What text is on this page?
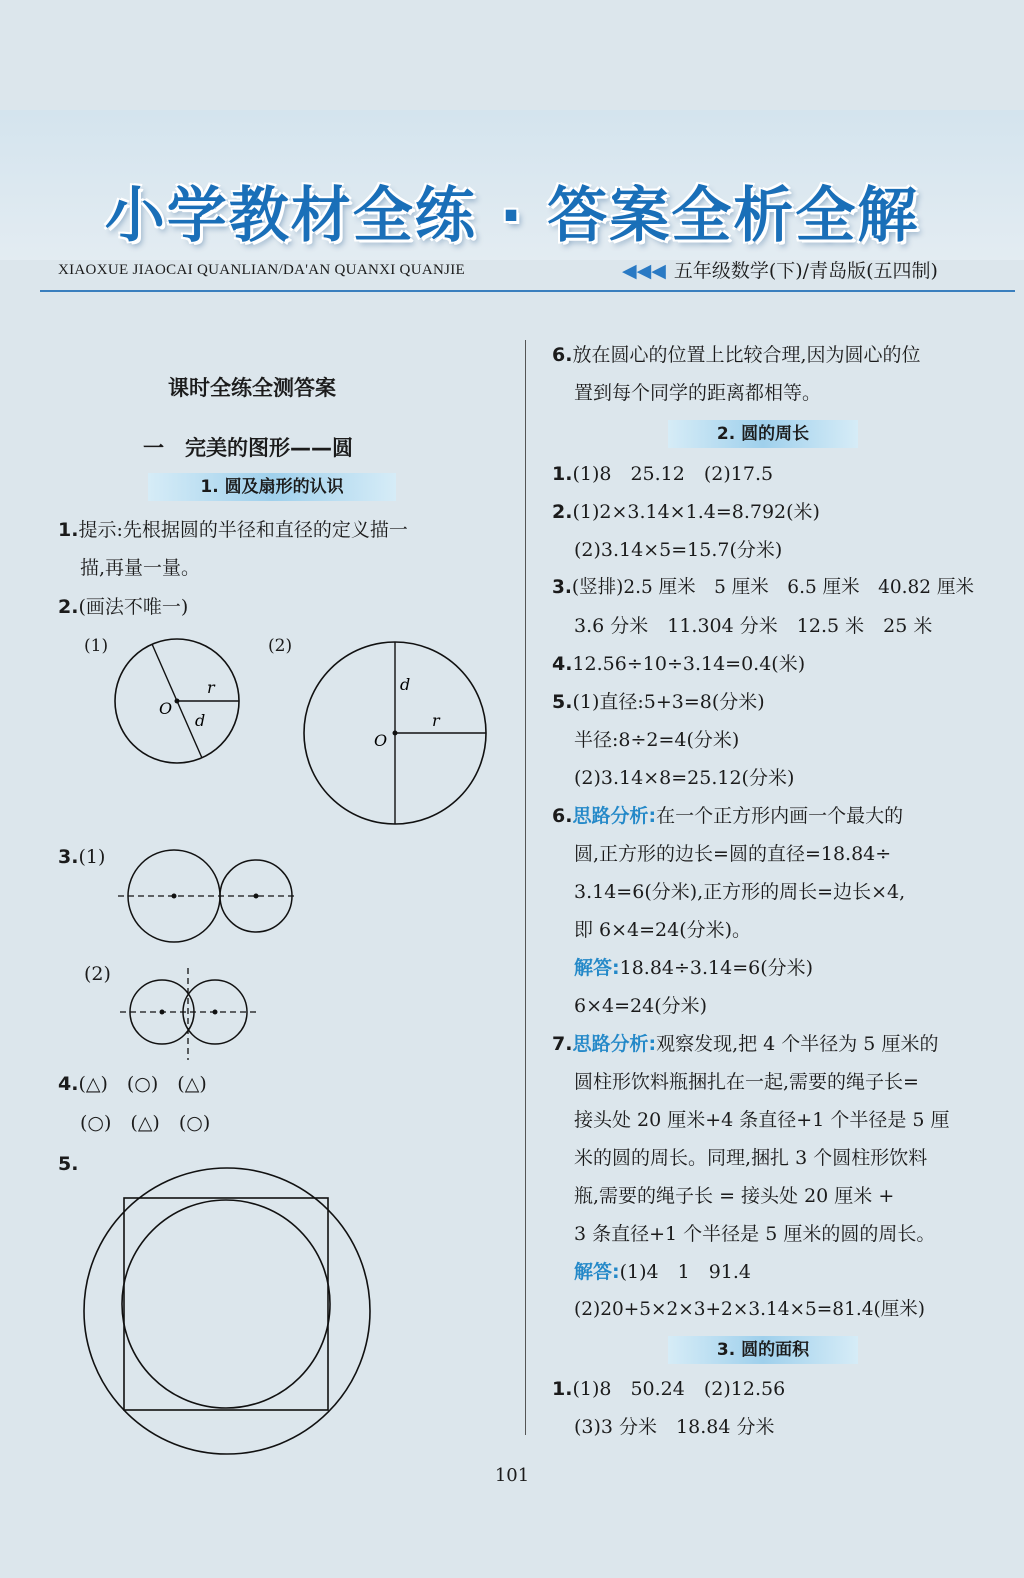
小学教材全练 · 答案全析全解
XIAOXUE JIAOCAI QUANLIAN/DA'AN QUANXI QUANJIE	◀◀◀ 五年级数学(下)/青岛版(五四制)
课时全练全测答案
一　完美的图形——圆
1. 圆及扇形的认识
1.提示:先根据圆的半径和直径的定义描一
描,再量一量。
2.(画法不唯一)
(1)	(2)
r
d
O
d
r
O
3.(1)
(2)
4.(△)　(○)　(△)
(○)　(△)　(○)
5.
6.放在圆心的位置上比较合理,因为圆心的位
置到每个同学的距离都相等。
2. 圆的周长
1.(1)8　25.12　(2)17.5
2.(1)2×3.14×1.4=8.792(米)
(2)3.14×5=15.7(分米)
3.(竖排)2.5 厘米　5 厘米　6.5 厘米　40.82 厘米
3.6 分米　11.304 分米　12.5 米　25 米
4.12.56÷10÷3.14=0.4(米)
5.(1)直径:5+3=8(分米)
半径:8÷2=4(分米)
(2)3.14×8=25.12(分米)
6.思路分析:在一个正方形内画一个最大的
圆,正方形的边长=圆的直径=18.84÷
3.14=6(分米),正方形的周长=边长×4,
即 6×4=24(分米)。
解答:18.84÷3.14=6(分米)
6×4=24(分米)
7.思路分析:观察发现,把 4 个半径为 5 厘米的
圆柱形饮料瓶捆扎在一起,需要的绳子长=
接头处 20 厘米+4 条直径+1 个半径是 5 厘
米的圆的周长。同理,捆扎 3 个圆柱形饮料
瓶,需要的绳子长 = 接头处 20 厘米 +
3 条直径+1 个半径是 5 厘米的圆的周长。
解答:(1)4　1　91.4
(2)20+5×2×3+2×3.14×5=81.4(厘米)
3. 圆的面积
1.(1)8　50.24　(2)12.56
(3)3 分米　18.84 分米
101
